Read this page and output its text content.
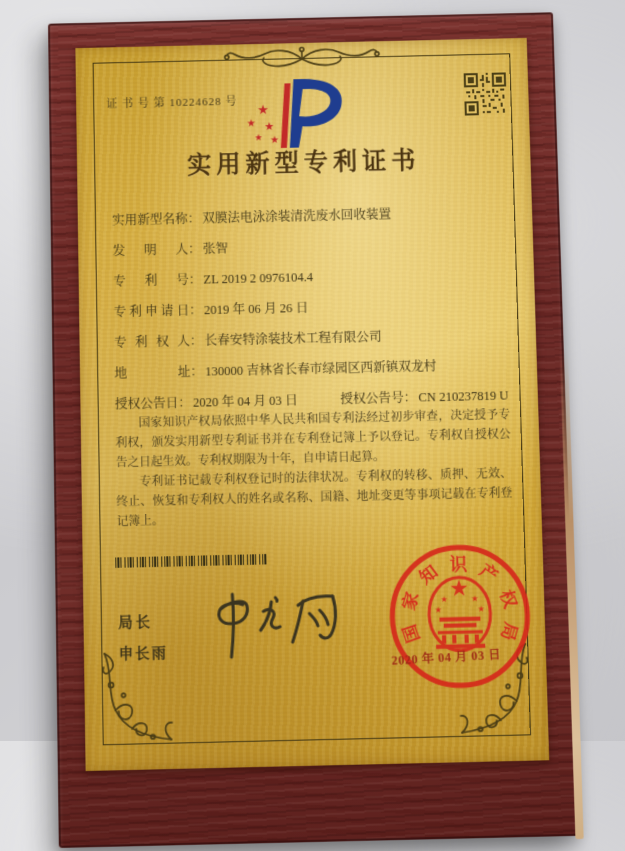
证 书 号 第 10224628 号 ★
★ ★
★ ★
实用新型专利证书
实用新型名称： 双膜法电泳涂装清洗废水回收装置
发明人： 张智
专利号： ZL 2019 2 0976104.4
专利申请日： 2019 年 06 月 26 日
专利权人： 长春安特涂装技术工程有限公司
地址： 130000 吉林省长春市绿园区西新镇双龙村
授权公告日： 2020 年 04 月 03 日	授权公告号： CN 210237819 U

国家知识产权局依照中华人民共和国专利法经过初步审查，决定授予专利权，颁发实用新型专利证书并在专利登记簿上予以登记。专利权自授权公告之日起生效。专利权期限为十年，自申请日起算。

专利证书记载专利权登记时的法律状况。专利权的转移、质押、无效、终止、恢复和专利权人的姓名或名称、国籍、地址变更等事项记载在专利登记簿上。

局长
申长雨
国
家
知 识 产
权
局
★	★
★	★
2020 年 04 月 03 日
